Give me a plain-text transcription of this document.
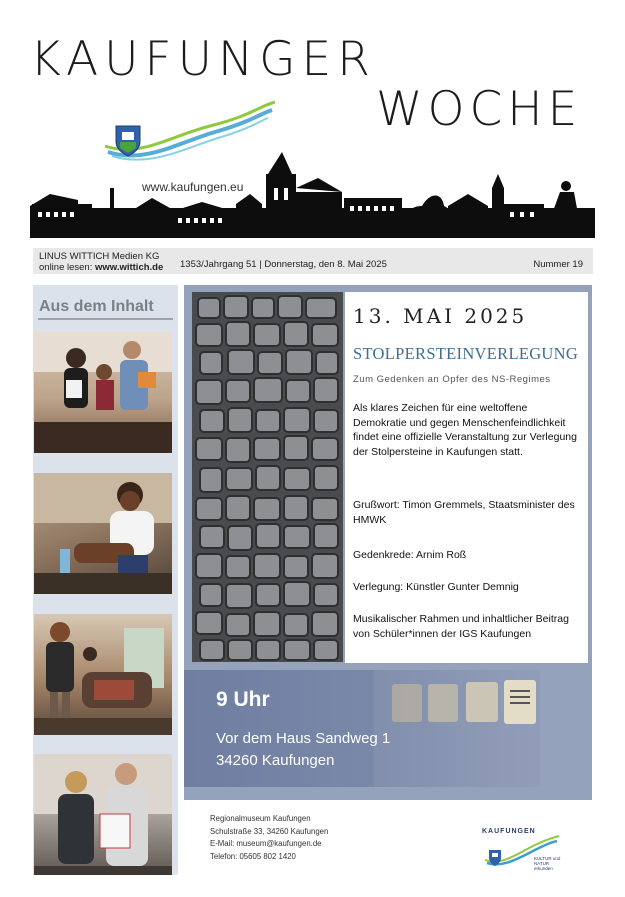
KAUFUNGER
WOCHE
www.kaufungen.eu
LINUS WITTICH Medien KG
online lesen: www.wittich.de 1353/Jahrgang 51 | Donnerstag, den 8. Mai 2025	Nummer 19
Aus dem Inhalt	13. MAI 2025
STOLPERSTEINVERLEGUNG
Zum Gedenken an Opfer des NS-Regimes
Als klares Zeichen für eine weltoffene Demokratie und gegen Menschenfeindlichkeit findet eine offizielle Veranstaltung zur Verlegung der Stolpersteine in Kaufungen statt.
Grußwort: Timon Gremmels, Staatsminister des HMWK
Gedenkrede: Arnim Roß
Verlegung: Künstler Gunter Demnig
Musikalischer Rahmen und inhaltlicher Beitrag von Schüler*innen der IGS Kaufungen
9 Uhr
Vor dem Haus Sandweg 1
34260 Kaufungen
Regionalmuseum Kaufungen
Schulstraße 33, 34260 Kaufungen
E-Mail: museum@kaufungen.de
Telefon: 05605 802 1420
KAUFUNGEN
KULTUR und NATUR erkunden
